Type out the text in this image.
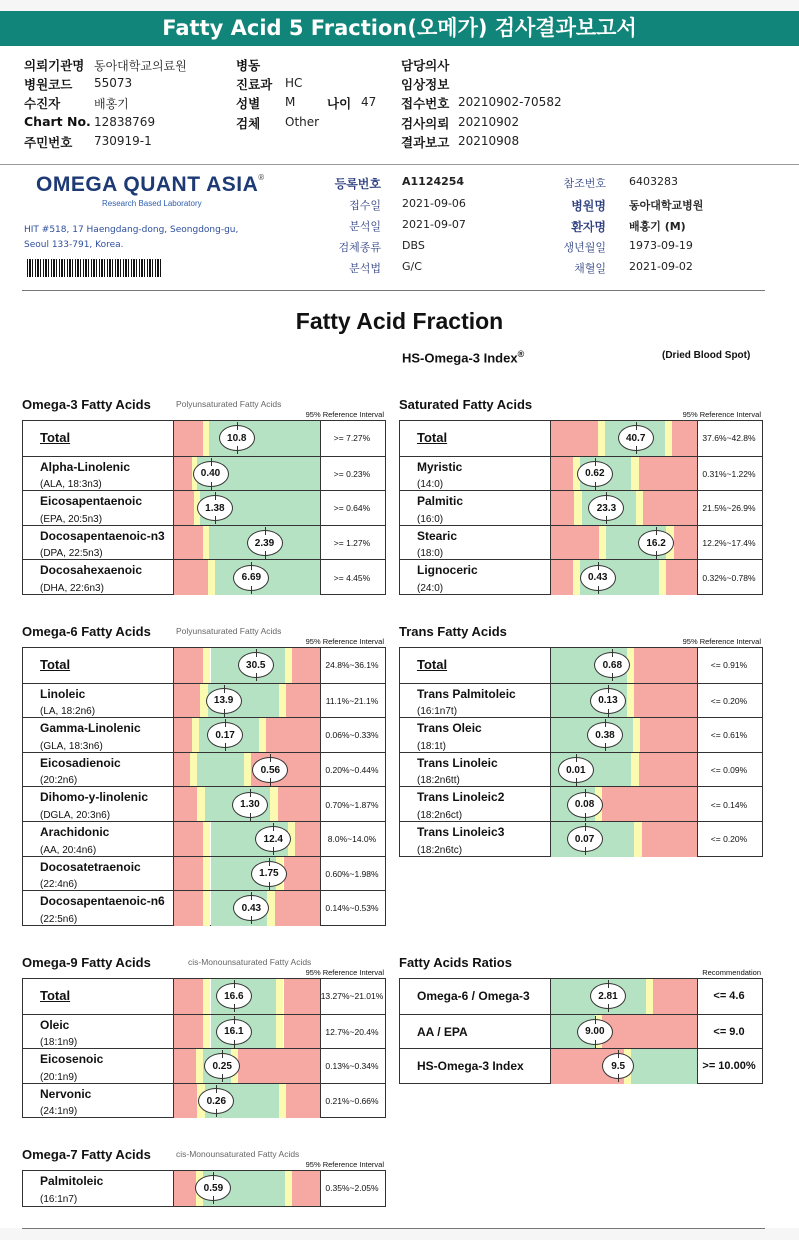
Fatty Acid 5 Fraction(오메가) 검사결과보고서
의뢰기관명 동아대학교의료원
병원코드 55073
수진자	배홍기
Chart No. 12838769
주민번호 730919-1
병동
진료과 HC
성별 M
검체 Other
담당의사
임상정보
접수번호 20210902-70582
검사의뢰 20210902
결과보고 20210908
나이 47
OMEGA QUANT ASIA®
Research Based Laboratory
HIT #518, 17 Haengdang-dong, Seongdong-gu,
Seoul 133-791, Korea.
등록번호 A1124254
접수일 2021-09-06
분석일 2021-09-07
검체종류 DBS
분석법 G/C
참조번호 6403283
병원명 동아대학교병원
환자명 배홍기 (M)
생년월일 1973-09-19
채혈일 2021-09-02
Fatty Acid Fraction
HS-Omega-3 Index®	(Dried Blood Spot)
Omega-3 Fatty Acids	Polyunsaturated Fatty Acids
95% Reference Interval
Total	10.8	>= 7.27%
Alpha-Linolenic
(ALA, 18:3n3)
0.40	>= 0.23%
Eicosapentaenoic
(EPA, 20:5n3)
1.38	>= 0.64%
Docosapentaenoic-n3
(DPA, 22:5n3)
2.39	>= 1.27%
Docosahexaenoic
(DHA, 22:6n3)
6.69	>= 4.45%
Saturated Fatty Acids
95% Reference Interval
Total	40.7	37.6%~42.8%
Myristic
(14:0)
0.62	0.31%~1.22%
Palmitic
(16:0)
23.3	21.5%~26.9%
Stearic
(18:0)
16.2	12.2%~17.4%
Lignoceric
(24:0)
0.43	0.32%~0.78%
Omega-6 Fatty Acids	Polyunsaturated Fatty Acids
95% Reference Interval
Total	30.5	24.8%~36.1%
Linoleic
(LA, 18:2n6)
13.9	11.1%~21.1%
Gamma-Linolenic
(GLA, 18:3n6)
0.17	0.06%~0.33%
Eicosadienoic
(20:2n6)
0.56	0.20%~0.44%
Dihomo-y-linolenic
(DGLA, 20:3n6)
1.30	0.70%~1.87%
Arachidonic
(AA, 20:4n6)
12.4	8.0%~14.0%
Docosatetraenoic
(22:4n6)
1.75	0.60%~1.98%
Docosapentaenoic-n6
(22:5n6)
0.43	0.14%~0.53%
Trans Fatty Acids
95% Reference Interval
Total	0.68	<= 0.91%
Trans Palmitoleic
(16:1n7t)
0.13	<= 0.20%
Trans Oleic
(18:1t)
0.38	<= 0.61%
Trans Linoleic
(18:2n6tt)
0.01	<= 0.09%
Trans Linoleic2
(18:2n6ct)
0.08	<= 0.14%
Trans Linoleic3
(18:2n6tc)
0.07	<= 0.20%
Omega-9 Fatty Acids	cis-Monounsaturated Fatty Acids
95% Reference Interval
Total	16.6	13.27%~21.01%
Oleic
(18:1n9)
16.1	12.7%~20.4%
Eicosenoic
(20:1n9)
0.25	0.13%~0.34%
Nervonic
(24:1n9)
0.26	0.21%~0.66%
Fatty Acids Ratios
Recommendation
Omega-6 / Omega-3	2.81	<= 4.6
AA / EPA	9.00	<= 9.0
HS-Omega-3 Index	9.5	>= 10.00%
Omega-7 Fatty Acids	cis-Monounsaturated Fatty Acids
95% Reference Interval
Palmitoleic
(16:1n7)
0.59	0.35%~2.05%
